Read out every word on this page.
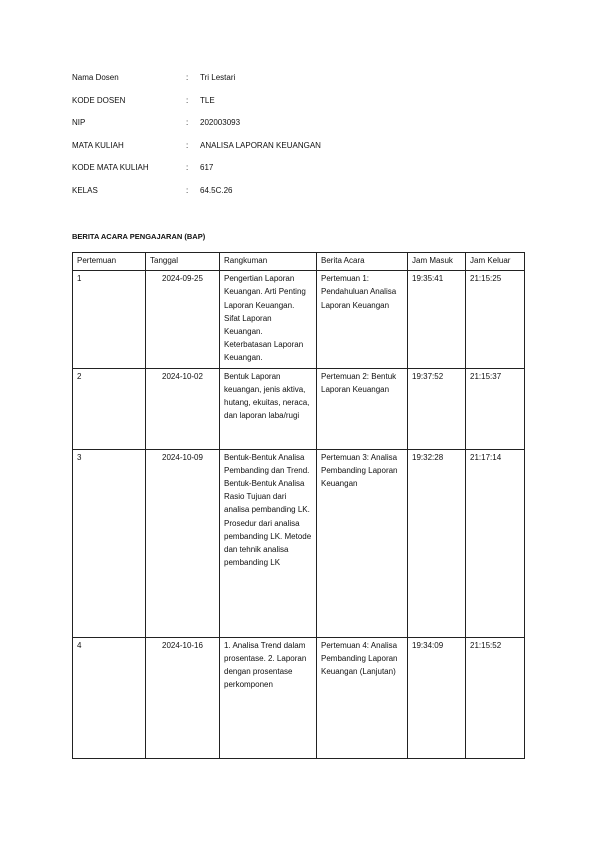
Nama Dosen	: Tri Lestari
KODE DOSEN	: TLE
NIP	: 202003093
MATA KULIAH	: ANALISA LAPORAN KEUANGAN
KODE MATA KULIAH	: 617
KELAS	: 64.5C.26
BERITA ACARA PENGAJARAN (BAP)
Pertemuan	Tanggal	Rangkuman	Berita Acara	Jam Masuk	Jam Keluar
1	2024-09-25	Pengertian Laporan Keuangan. Arti Penting Laporan Keuangan. Sifat Laporan Keuangan. Keterbatasan Laporan Keuangan.	Pertemuan 1: Pendahuluan Analisa Laporan Keuangan	19:35:41	21:15:25
2	2024-10-02	Bentuk Laporan keuangan, jenis aktiva, hutang, ekuitas, neraca, dan laporan laba/rugi	Pertemuan 2: Bentuk Laporan Keuangan	19:37:52	21:15:37
3	2024-10-09	Bentuk-Bentuk Analisa Pembanding dan Trend. Bentuk-Bentuk Analisa Rasio Tujuan dari analisa pembanding LK. Prosedur dari analisa pembanding LK. Metode dan tehnik analisa pembanding LK	Pertemuan 3: Analisa Pembanding Laporan Keuangan	19:32:28	21:17:14
4	2024-10-16	1. Analisa Trend dalam prosentase. 2. Laporan dengan prosentase perkomponen	Pertemuan 4: Analisa Pembanding Laporan Keuangan (Lanjutan)	19:34:09	21:15:52
